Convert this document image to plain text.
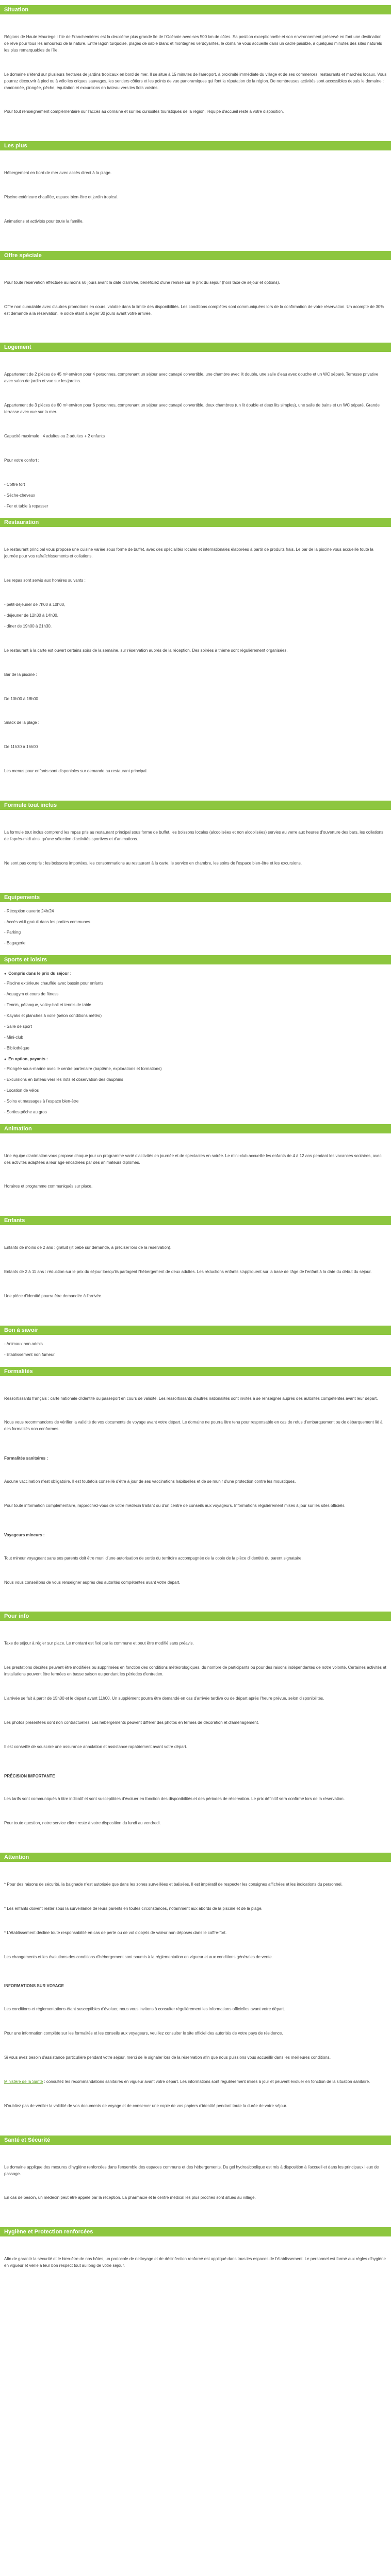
Situation

Régions de Haute Mauriege : l'ile de Franchemières est la deuxième plus grande île de l'Océanie avec ses 500 km de côtes. Sa position exceptionnelle et son environnement préservé en font une destination de rêve pour tous les amoureux de la nature. Entre lagon turquoise, plages de sable blanc et montagnes verdoyantes, le domaine vous accueille dans un cadre paisible, à quelques minutes des sites naturels les plus remarquables de l'île.

Le domaine s'étend sur plusieurs hectares de jardins tropicaux en bord de mer. Il se situe à 15 minutes de l'aéroport, à proximité immédiate du village et de ses commerces, restaurants et marchés locaux. Vous pourrez découvrir à pied ou à vélo les criques sauvages, les sentiers côtiers et les points de vue panoramiques qui font la réputation de la région. De nombreuses activités sont accessibles depuis le domaine : randonnée, plongée, pêche, équitation et excursions en bateau vers les îlots voisins.

Pour tout renseignement complémentaire sur l'accès au domaine et sur les curiosités touristiques de la région, l'équipe d'accueil reste à votre disposition.

Les plus

Hébergement en bord de mer avec accès direct à la plage.

Piscine extérieure chauffée, espace bien-être et jardin tropical.

Animations et activités pour toute la famille.

Offre spéciale

Pour toute réservation effectuée au moins 60 jours avant la date d'arrivée, bénéficiez d'une remise sur le prix du séjour (hors taxe de séjour et options).

Offre non cumulable avec d'autres promotions en cours, valable dans la limite des disponibilités. Les conditions complètes sont communiquées lors de la confirmation de votre réservation. Un acompte de 30% est demandé à la réservation, le solde étant à régler 30 jours avant votre arrivée.

Logement

Appartement de 2 pièces de 45 m² environ pour 4 personnes, comprenant un séjour avec canapé convertible, une chambre avec lit double, une salle d'eau avec douche et un WC séparé. Terrasse privative avec salon de jardin et vue sur les jardins.

Appartement de 3 pièces de 60 m² environ pour 6 personnes, comprenant un séjour avec canapé convertible, deux chambres (un lit double et deux lits simples), une salle de bains et un WC séparé. Grande terrasse avec vue sur la mer.

Capacité maximale : 4 adultes ou 2 adultes + 2 enfants

Pour votre confort :

- Coffre fort
- Sèche-cheveux
- Fer et table à repasser
Restauration

Le restaurant principal vous propose une cuisine variée sous forme de buffet, avec des spécialités locales et internationales élaborées à partir de produits frais. Le bar de la piscine vous accueille toute la journée pour vos rafraîchissements et collations.

Les repas sont servis aux horaires suivants :

- petit-déjeuner de 7h00 à 10h00,
- déjeuner de 12h30 à 14h00,
- dîner de 19h00 à 21h30.

Le restaurant à la carte est ouvert certains soirs de la semaine, sur réservation auprès de la réception. Des soirées à thème sont régulièrement organisées.

Bar de la piscine :

De 10h00 à 18h00

Snack de la plage :

De 11h30 à 16h00

Les menus pour enfants sont disponibles sur demande au restaurant principal.

Formule tout inclus

La formule tout inclus comprend les repas pris au restaurant principal sous forme de buffet, les boissons locales (alcoolisées et non alcoolisées) servies au verre aux heures d'ouverture des bars, les collations de l'après-midi ainsi qu'une sélection d'activités sportives et d'animations.

Ne sont pas compris : les boissons importées, les consommations au restaurant à la carte, le service en chambre, les soins de l'espace bien-être et les excursions.

Equipements
- Réception ouverte 24h/24
- Accès wi-fi gratuit dans les parties communes
- Parking
- Bagagerie
Sports et loisirs
● Compris dans le prix du séjour :
- Piscine extérieure chauffée avec bassin pour enfants
- Aquagym et cours de fitness
- Tennis, pétanque, volley-ball et tennis de table
- Kayaks et planches à voile (selon conditions météo)
- Salle de sport
- Mini-club
- Bibliothèque
● En option, payants :
- Plongée sous-marine avec le centre partenaire (baptême, explorations et formations)
- Excursions en bateau vers les îlots et observation des dauphins
- Location de vélos
- Soins et massages à l'espace bien-être
- Sorties pêche au gros
Animation

Une équipe d'animation vous propose chaque jour un programme varié d'activités en journée et de spectacles en soirée. Le mini-club accueille les enfants de 4 à 12 ans pendant les vacances scolaires, avec des activités adaptées à leur âge encadrées par des animateurs diplômés.

Horaires et programme communiqués sur place.

Enfants

Enfants de moins de 2 ans : gratuit (lit bébé sur demande, à préciser lors de la réservation).

Enfants de 2 à 11 ans : réduction sur le prix du séjour lorsqu'ils partagent l'hébergement de deux adultes. Les réductions enfants s'appliquent sur la base de l'âge de l'enfant à la date du début du séjour.

Une pièce d'identité pourra être demandée à l'arrivée.

Bon à savoir
- Animaux non admis
- Etablissement non fumeur.
Formalités

Ressortissants français : carte nationale d'identité ou passeport en cours de validité. Les ressortissants d'autres nationalités sont invités à se renseigner auprès des autorités compétentes avant leur départ.

Nous vous recommandons de vérifier la validité de vos documents de voyage avant votre départ. Le domaine ne pourra être tenu pour responsable en cas de refus d'embarquement ou de débarquement lié à des formalités non conformes.

Formalités sanitaires :

Aucune vaccination n'est obligatoire. Il est toutefois conseillé d'être à jour de ses vaccinations habituelles et de se munir d'une protection contre les moustiques.

Pour toute information complémentaire, rapprochez-vous de votre médecin traitant ou d'un centre de conseils aux voyageurs. Informations régulièrement mises à jour sur les sites officiels.

Voyageurs mineurs :

Tout mineur voyageant sans ses parents doit être muni d'une autorisation de sortie du territoire accompagnée de la copie de la pièce d'identité du parent signataire.

Nous vous conseillons de vous renseigner auprès des autorités compétentes avant votre départ.

Pour info

Taxe de séjour à régler sur place. Le montant est fixé par la commune et peut être modifié sans préavis.

Les prestations décrites peuvent être modifiées ou supprimées en fonction des conditions météorologiques, du nombre de participants ou pour des raisons indépendantes de notre volonté. Certaines activités et installations peuvent être fermées en basse saison ou pendant les périodes d'entretien.

L'arrivée se fait à partir de 15h00 et le départ avant 11h00. Un supplément pourra être demandé en cas d'arrivée tardive ou de départ après l'heure prévue, selon disponibilités.

Les photos présentées sont non contractuelles. Les hébergements peuvent différer des photos en termes de décoration et d'aménagement.

Il est conseillé de souscrire une assurance annulation et assistance rapatriement avant votre départ.

PRÉCISION IMPORTANTE

Les tarifs sont communiqués à titre indicatif et sont susceptibles d'évoluer en fonction des disponibilités et des périodes de réservation. Le prix définitif sera confirmé lors de la réservation.

Pour toute question, notre service client reste à votre disposition du lundi au vendredi.

Attention

* Pour des raisons de sécurité, la baignade n'est autorisée que dans les zones surveillées et balisées. Il est impératif de respecter les consignes affichées et les indications du personnel.

* Les enfants doivent rester sous la surveillance de leurs parents en toutes circonstances, notamment aux abords de la piscine et de la plage.

* L'établissement décline toute responsabilité en cas de perte ou de vol d'objets de valeur non déposés dans le coffre-fort.

Les changements et les évolutions des conditions d'hébergement sont soumis à la réglementation en vigueur et aux conditions générales de vente.

INFORMATIONS SUR VOYAGE

Les conditions et réglementations étant susceptibles d'évoluer, nous vous invitons à consulter régulièrement les informations officielles avant votre départ.

Pour une information complète sur les formalités et les conseils aux voyageurs, veuillez consulter le site officiel des autorités de votre pays de résidence.

Si vous avez besoin d'assistance particulière pendant votre séjour, merci de le signaler lors de la réservation afin que nous puissions vous accueillir dans les meilleures conditions.

Ministère de la Santé : consultez les recommandations sanitaires en vigueur avant votre départ. Les informations sont régulièrement mises à jour et peuvent évoluer en fonction de la situation sanitaire.

N'oubliez pas de vérifier la validité de vos documents de voyage et de conserver une copie de vos papiers d'identité pendant toute la durée de votre séjour.

Santé et Sécurité

Le domaine applique des mesures d'hygiène renforcées dans l'ensemble des espaces communs et des hébergements. Du gel hydroalcoolique est mis à disposition à l'accueil et dans les principaux lieux de passage.

En cas de besoin, un médecin peut être appelé par la réception. La pharmacie et le centre médical les plus proches sont situés au village.

Hygiène et Protection renforcées

Afin de garantir la sécurité et le bien-être de nos hôtes, un protocole de nettoyage et de désinfection renforcé est appliqué dans tous les espaces de l'établissement. Le personnel est formé aux règles d'hygiène en vigueur et veille à leur bon respect tout au long de votre séjour.
